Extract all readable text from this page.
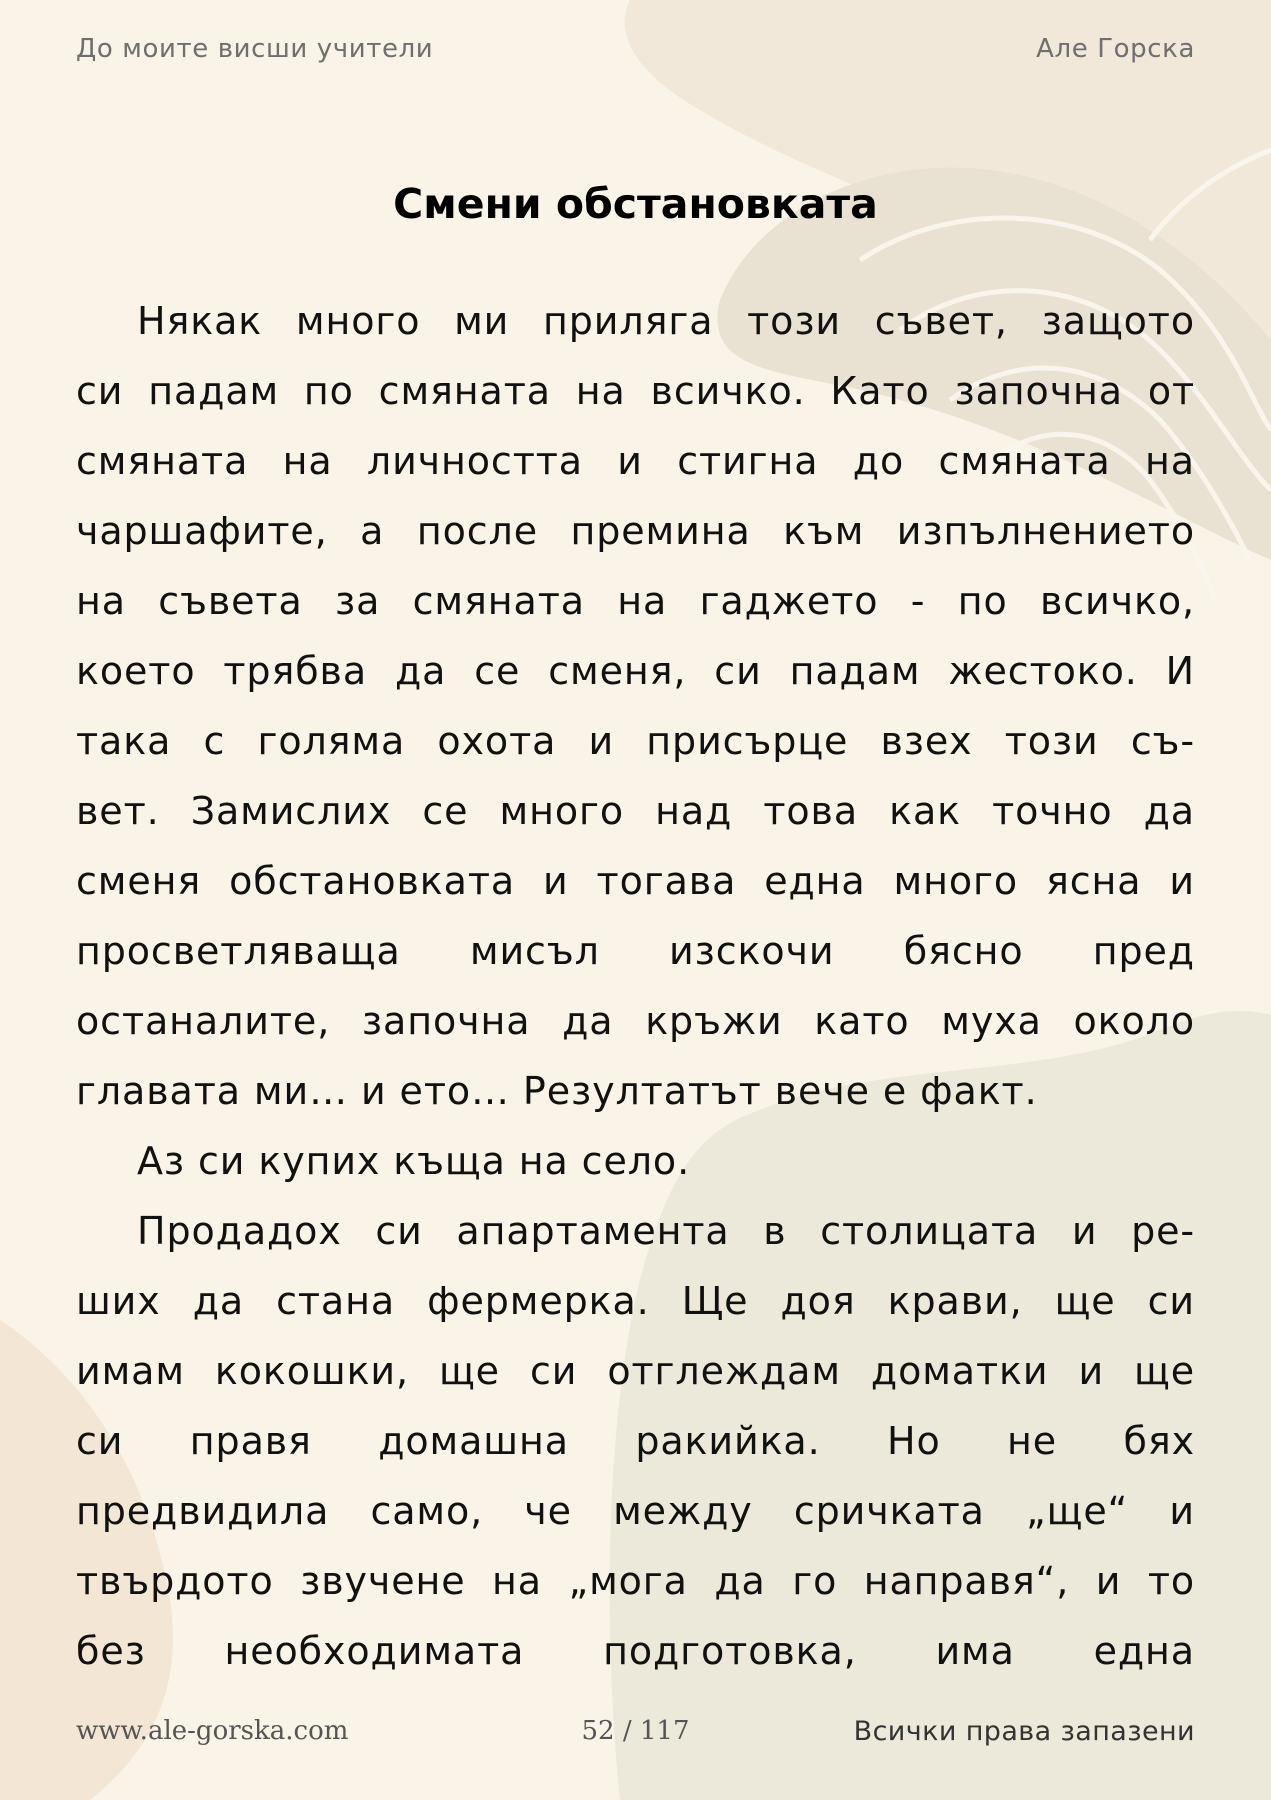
До моите висши учители	Але Горска
Смени обстановката
Някак много ми приляга този съвет, защото
си падам по смяната на всичко. Като започна от
смяната на личността и стигна до смяната на
чаршафите, а после премина към изпълнението
на съвета за смяната на гаджето - по всичко,
което трябва да се сменя, си падам жестоко. И
така с голяма охота и присърце взех този съ-
вет. Замислих се много над това как точно да
сменя обстановката и тогава една много ясна и
просветляваща мисъл изскочи бясно пред
останалите, започна да кръжи като муха около
главата ми… и ето… Резултатът вече е факт.
Аз си купих къща на село.
Продадох си апартамента в столицата и ре-
ших да стана фермерка. Ще доя крави, ще си
имам кокошки, ще си отглеждам доматки и ще
си правя домашна ракийка. Но не бях
предвидила само, че между сричката „ще“ и
твърдото звучене на „мога да го направя“, и то
без необходимата подготовка, има една
www.ale-gorska.com	52 / 117	Всички права запазени
